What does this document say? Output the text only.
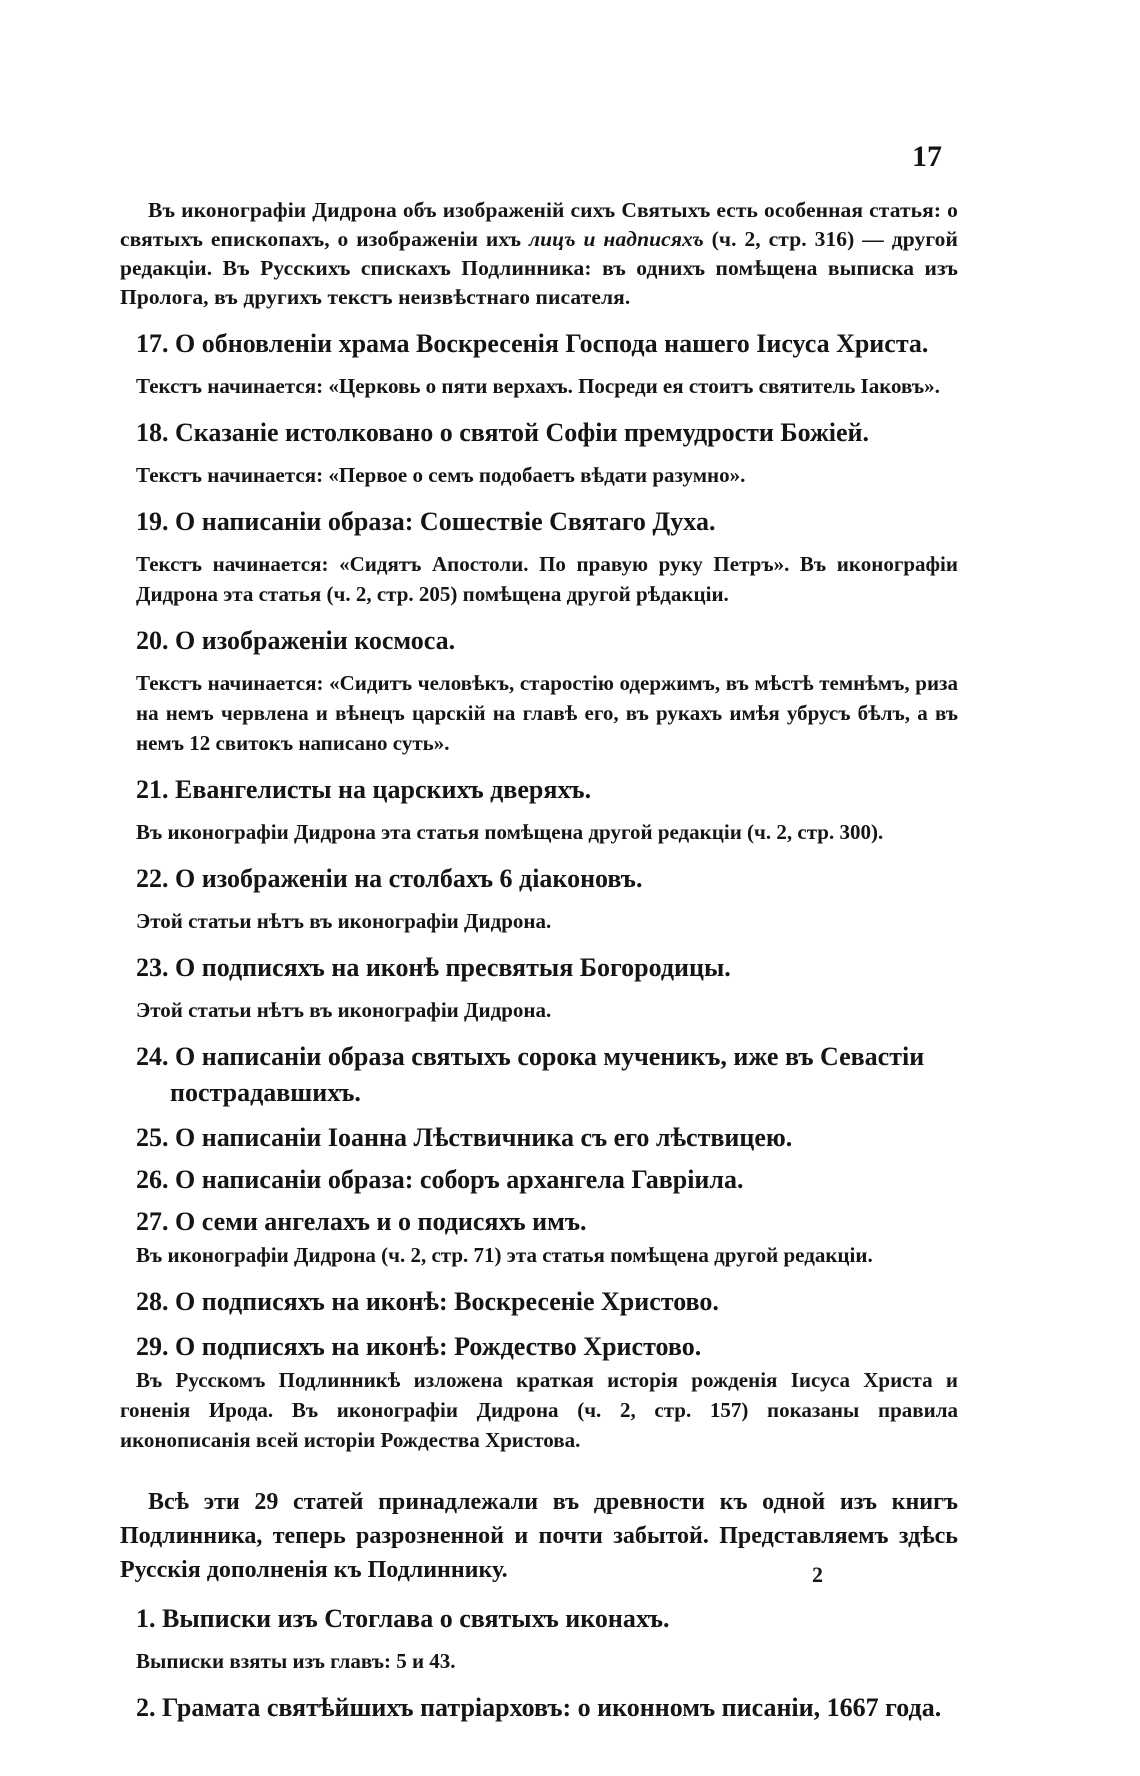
17

Въ иконографіи Дидрона объ изображеній сихъ Святыхъ есть особенная статья: о святыхъ епископахъ, о изображеніи ихъ лицъ и надписяхъ (ч. 2, стр. 316) — другой редакціи. Въ Русскихъ спискахъ Подлинника: въ однихъ помѣщена выписка изъ Пролога, въ другихъ текстъ неизвѣстнаго писателя.

17. О обновленіи храма Воскресенія Господа нашего Іисуса Христа.

Текстъ начинается: «Церковь о пяти верхахъ. Посреди ея стоитъ святитель Іаковъ».

18. Сказаніе истолковано о святой Софіи премудрости Божіей.

Текстъ начинается: «Первое о семъ подобаетъ вѣдати разумно».

19. О написаніи образа: Сошествіе Святаго Духа.

Текстъ начинается: «Сидятъ Апостоли. По правую руку Петръ». Въ иконографіи Дидрона эта статья (ч. 2, стр. 205) помѣщена другой рѣдакціи.

20. О изображеніи космоса.

Текстъ начинается: «Сидитъ человѣкъ, старостію одержимъ, въ мѣстѣ темнѣмъ, риза на немъ червлена и вѣнецъ царскій на главѣ его, въ рукахъ имѣя убрусъ бѣлъ, а въ немъ 12 свитокъ написано суть».

21. Евангелисты на царскихъ дверяхъ.

Въ иконографіи Дидрона эта статья помѣщена другой редакціи (ч. 2, стр. 300).

22. О изображеніи на столбахъ 6 діаконовъ.

Этой статьи нѣтъ въ иконографіи Дидрона.

23. О подписяхъ на иконѣ пресвятыя Богородицы.

Этой статьи нѣтъ въ иконографіи Дидрона.

24. О написаніи образа святыхъ сорока мученикъ, иже въ Севастіи пострадавшихъ.
25. О написаніи Іоанна Лѣствичника съ его лѣствицею.
26. О написаніи образа: соборъ архангела Гавріила.
27. О семи ангелахъ и о подисяхъ имъ.

Въ иконографіи Дидрона (ч. 2, стр. 71) эта статья помѣщена другой редакціи.

28. О подписяхъ на иконѣ: Воскресеніе Христово.
29. О подписяхъ на иконѣ: Рождество Христово.

Въ Русскомъ Подлинникѣ изложена краткая исторія рожденія Іисуса Христа и гоненія Ирода. Въ иконографіи Дидрона (ч. 2, стр. 157) показаны правила иконописанія всей исторіи Рождества Христова.

Всѣ эти 29 статей принадлежали въ древности къ одной изъ книгъ Подлинника, теперь разрозненной и почти забытой. Представляемъ здѣсь Русскія дополненія къ Подлиннику.

1. Выписки изъ Стоглава о святыхъ иконахъ.

Выписки взяты изъ главъ: 5 и 43.

2. Грамата святѣйшихъ патріарховъ: о иконномъ писаніи, 1667 года.
2
